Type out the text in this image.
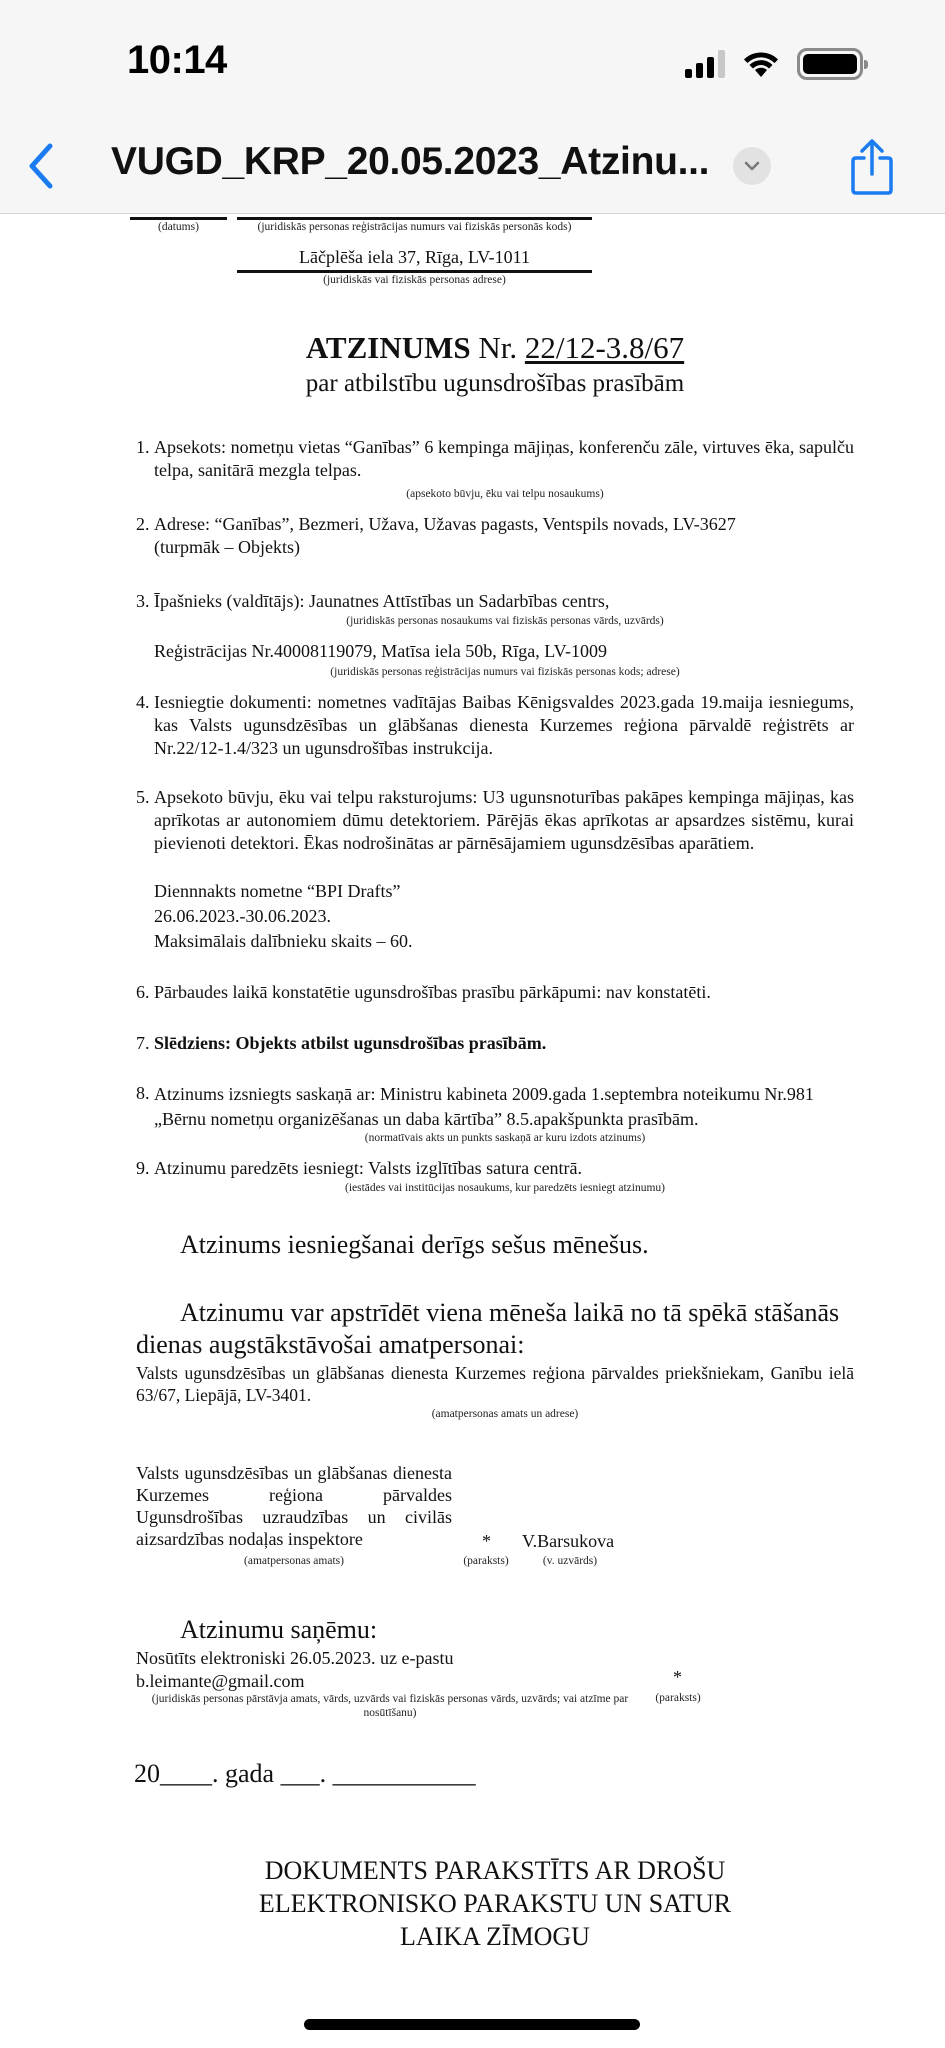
10:14
VUGD_KRP_20.05.2023_Atzinu...
(datums)	(juridiskās personas reģistrācijas numurs vai fiziskās personās kods)
Lāčplēša iela 37, Rīga, LV-1011
(juridiskās vai fiziskās personas adrese)
ATZINUMS Nr. 22/12-3.8/67
par atbilstību ugunsdrošības prasībām
1. Apsekots: nometņu vietas “Ganības” 6 kempinga mājiņas, konferenču zāle, virtuves ēka, sapulču telpa, sanitārā mezgla telpas.
(apsekoto būvju, ēku vai telpu nosaukums)
2. Adrese: “Ganības”, Bezmeri, Užava, Užavas pagasts, Ventspils novads, LV-3627 (turpmāk – Objekts)
3. Īpašnieks (valdītājs): Jaunatnes Attīstības un Sadarbības centrs,
(juridiskās personas nosaukums vai fiziskās personas vārds, uzvārds)
Reģistrācijas Nr.40008119079, Matīsa iela 50b, Rīga, LV-1009
(juridiskās personas reģistrācijas numurs vai fiziskās personas kods; adrese)
4. Iesniegtie dokumenti: nometnes vadītājas Baibas Kēnigsvaldes 2023.gada 19.maija iesniegums, kas Valsts ugunsdzēsības un glābšanas dienesta Kurzemes reģiona pārvaldē reģistrēts ar Nr.22/12-1.4/323 un ugunsdrošības instrukcija.
5. Apsekoto būvju, ēku vai telpu raksturojums: U3 ugunsnoturības pakāpes kempinga mājiņas, kas aprīkotas ar autonomiem dūmu detektoriem. Pārējās ēkas aprīkotas ar apsardzes sistēmu, kurai pievienoti detektori. Ēkas nodrošinātas ar pārnēsājamiem ugunsdzēsības aparātiem.
Diennnakts nometne “BPI Drafts”
26.06.2023.-30.06.2023.
Maksimālais dalībnieku skaits – 60.
6. Pārbaudes laikā konstatētie ugunsdrošības prasību pārkāpumi: nav konstatēti.
7. Slēdziens: Objekts atbilst ugunsdrošības prasībām.
8. Atzinums izsniegts saskaņā ar: Ministru kabineta 2009.gada 1.septembra noteikumu Nr.981 „Bērnu nometņu organizēšanas un daba kārtība” 8.5.apakšpunkta prasībām.
(normatīvais akts un punkts saskaņā ar kuru izdots atzinums)
9. Atzinumu paredzēts iesniegt: Valsts izglītības satura centrā.
(iestādes vai institūcijas nosaukums, kur paredzēts iesniegt atzinumu)
Atzinums iesniegšanai derīgs sešus mēnešus.
Atzinumu var apstrīdēt viena mēneša laikā no tā spēkā stāšanās dienas augstākstāvošai amatpersonai:
Valsts ugunsdzēsības un glābšanas dienesta Kurzemes reģiona pārvaldes priekšniekam, Ganību ielā 63/67, Liepājā, LV-3401.
(amatpersonas amats un adrese)
Valsts ugunsdzēsības un glābšanas dienesta Kurzemes reģiona pārvaldes Ugunsdrošības uzraudzības un civilās aizsardzības nodaļas inspektore	* V.Barsukova
(amatpersonas amats)	(paraksts)	(v. uzvārds)
Atzinumu saņēmu:
Nosūtīts elektroniski 26.05.2023. uz e-pastu
b.leimante@gmail.com	*
(juridiskās personas pārstāvja amats, vārds, uzvārds vai fiziskās personas vārds, uzvārds; vai atzīme par nosūtīšanu)
(paraksts)
20____. gada ___. ___________
DOKUMENTS PARAKSTĪTS AR DROŠU
ELEKTRONISKO PARAKSTU UN SATUR
LAIKA ZĪMOGU
